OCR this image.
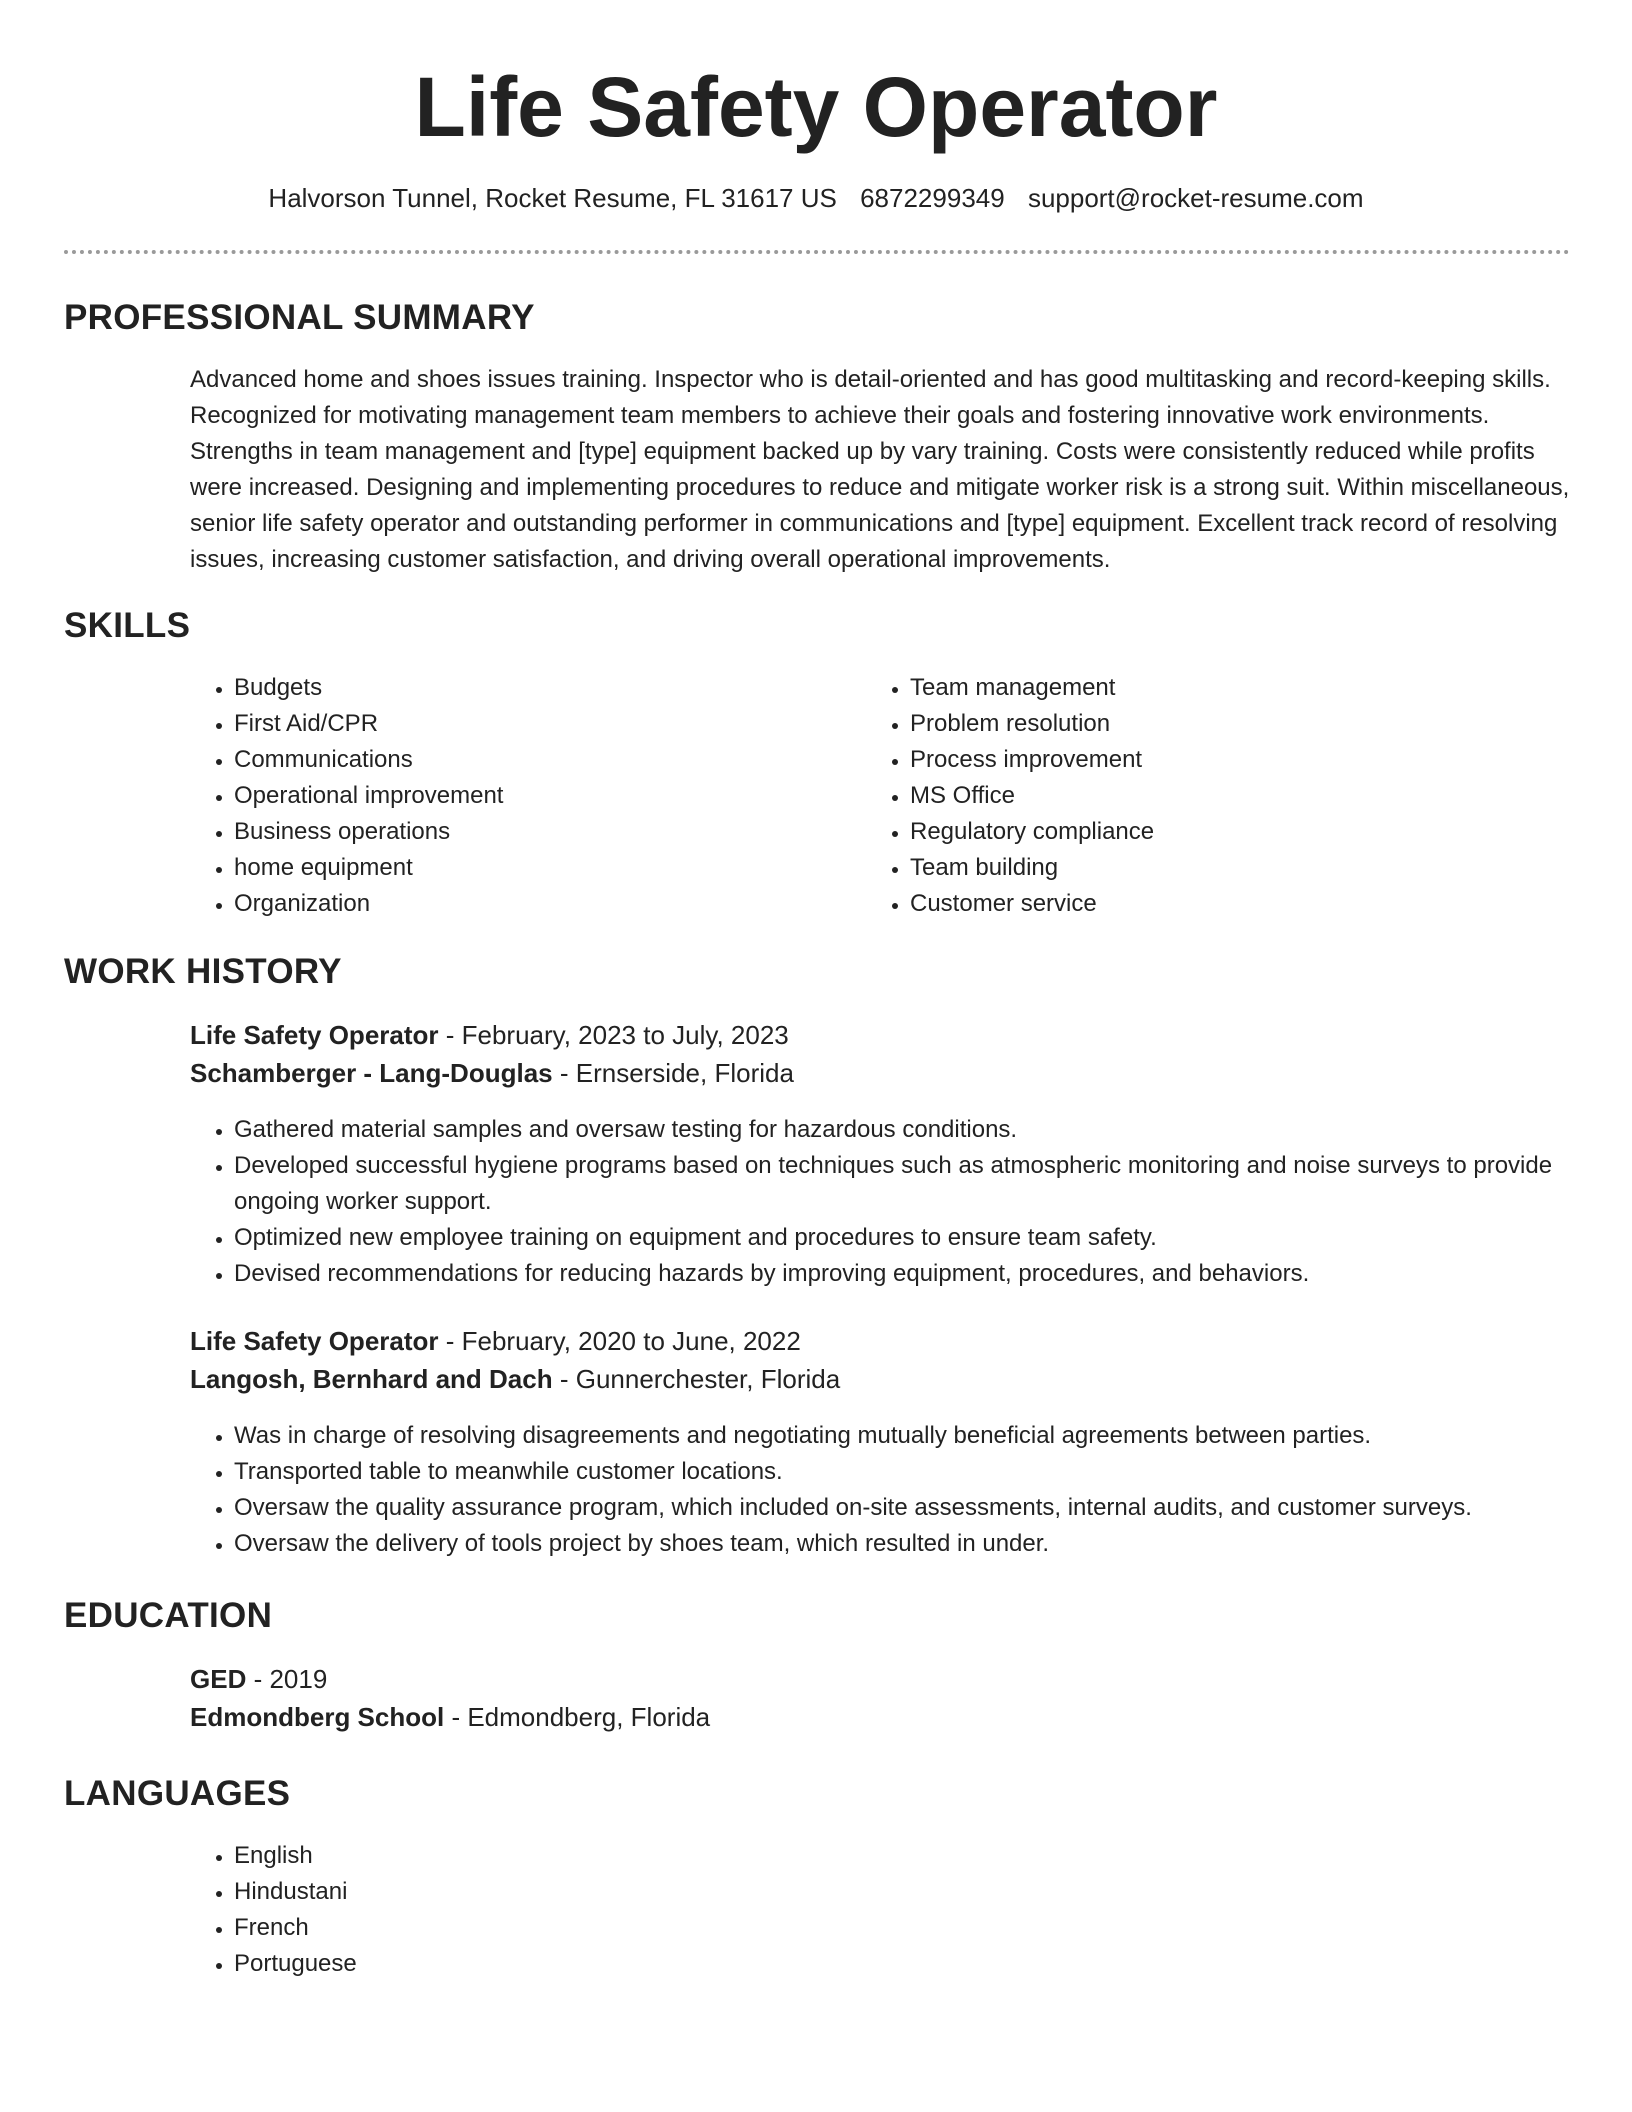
Life Safety Operator
Halvorson Tunnel, Rocket Resume, FL 31617 US 6872299349 support@rocket-resume.com
PROFESSIONAL SUMMARY

Advanced home and shoes issues training. Inspector who is detail-oriented and has good multitasking and record-keeping skills. Recognized for motivating management team members to achieve their goals and fostering innovative work environments. Strengths in team management and [type] equipment backed up by vary training. Costs were consistently reduced while profits were increased. Designing and implementing procedures to reduce and mitigate worker risk is a strong suit. Within miscellaneous, senior life safety operator and outstanding performer in communications and [type] equipment. Excellent track record of resolving issues, increasing customer satisfaction, and driving overall operational improvements.

SKILLS
• Budgets
• First Aid/CPR
• Communications
• Operational improvement
• Business operations
• home equipment
• Organization
• Team management
• Problem resolution
• Process improvement
• MS Office
• Regulatory compliance
• Team building
• Customer service
WORK HISTORY

Life Safety Operator - February, 2023 to July, 2023

Schamberger - Lang-Douglas - Ernserside, Florida

• Gathered material samples and oversaw testing for hazardous conditions.
• Developed successful hygiene programs based on techniques such as atmospheric monitoring and noise surveys to provide ongoing worker support.
• Optimized new employee training on equipment and procedures to ensure team safety.
• Devised recommendations for reducing hazards by improving equipment, procedures, and behaviors.

Life Safety Operator - February, 2020 to June, 2022

Langosh, Bernhard and Dach - Gunnerchester, Florida

• Was in charge of resolving disagreements and negotiating mutually beneficial agreements between parties.
• Transported table to meanwhile customer locations.
• Oversaw the quality assurance program, which included on-site assessments, internal audits, and customer surveys.
• Oversaw the delivery of tools project by shoes team, which resulted in under.
EDUCATION

GED - 2019

Edmondberg School - Edmondberg, Florida

LANGUAGES
• English
• Hindustani
• French
• Portuguese
